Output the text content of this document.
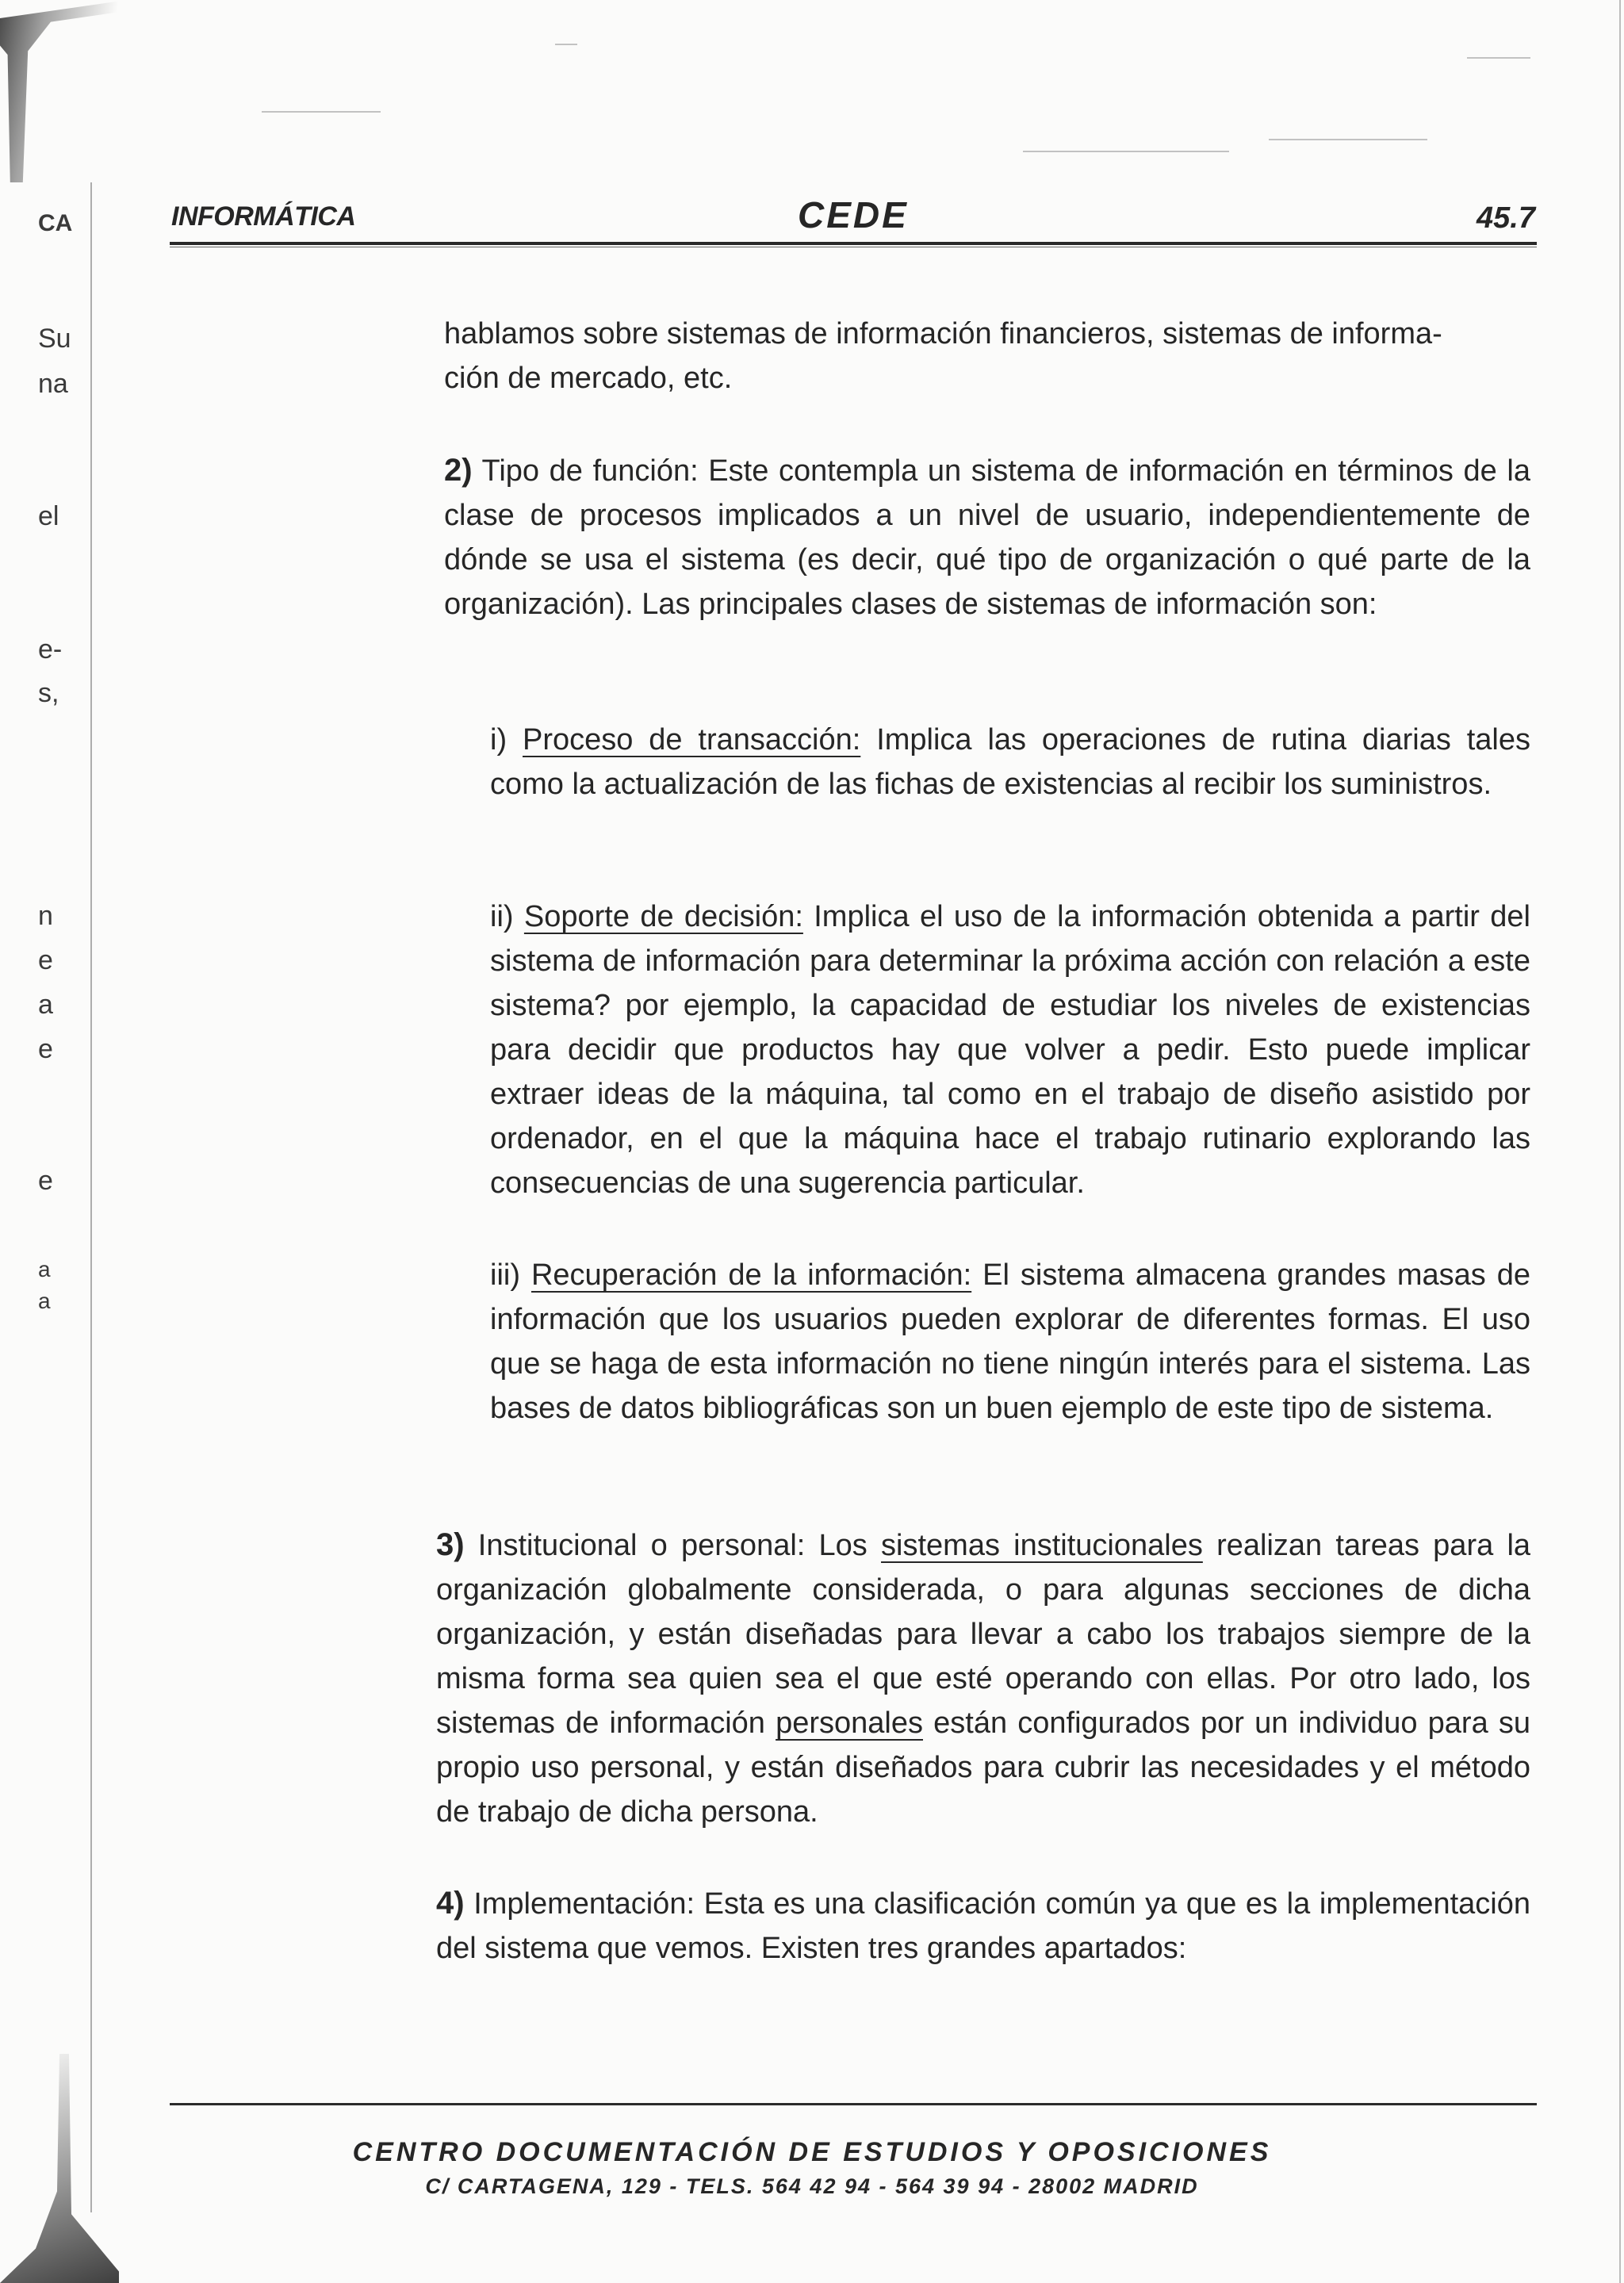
CA
Su
na
el
e-
s,
n
e
a
e
e
a
a
INFORMÁTICA	CEDE	45.7

hablamos sobre sistemas de información financieros, sistemas de informa-
ción de mercado, etc.

2) Tipo de función: Este contempla un sistema de información en términos de la clase de procesos implicados a un nivel de usuario, independientemente de dónde se usa el sistema (es decir, qué tipo de organización o qué parte de la organización). Las principales clases de sistemas de información son:

i) Proceso de transacción: Implica las operaciones de rutina diarias tales como la actualización de las fichas de existencias al recibir los suministros.

ii) Soporte de decisión: Implica el uso de la información obtenida a partir del sistema de información para determinar la próxima acción con relación a este sistema? por ejemplo, la capacidad de estudiar los niveles de existencias para decidir que productos hay que volver a pedir. Esto puede implicar extraer ideas de la máquina, tal como en el trabajo de diseño asistido por ordenador, en el que la máquina hace el trabajo rutinario explorando las consecuencias de una sugerencia particular.

iii) Recuperación de la información: El sistema almacena grandes masas de información que los usuarios pueden explorar de diferentes formas. El uso que se haga de esta información no tiene ningún interés para el sistema. Las bases de datos bibliográficas son un buen ejemplo de este tipo de sistema.

3) Institucional o personal: Los sistemas institucionales realizan tareas para la organización globalmente considerada, o para algunas secciones de dicha organización, y están diseñadas para llevar a cabo los trabajos siempre de la misma forma sea quien sea el que esté operando con ellas. Por otro lado, los sistemas de información personales están configurados por un individuo para su propio uso personal, y están diseñados para cubrir las necesidades y el método de trabajo de dicha persona.

4) Implementación: Esta es una clasificación común ya que es la implementación del sistema que vemos. Existen tres grandes apartados:

CENTRO DOCUMENTACIÓN DE ESTUDIOS Y OPOSICIONES
C/ CARTAGENA, 129 - TELS. 564 42 94 - 564 39 94 - 28002 MADRID
